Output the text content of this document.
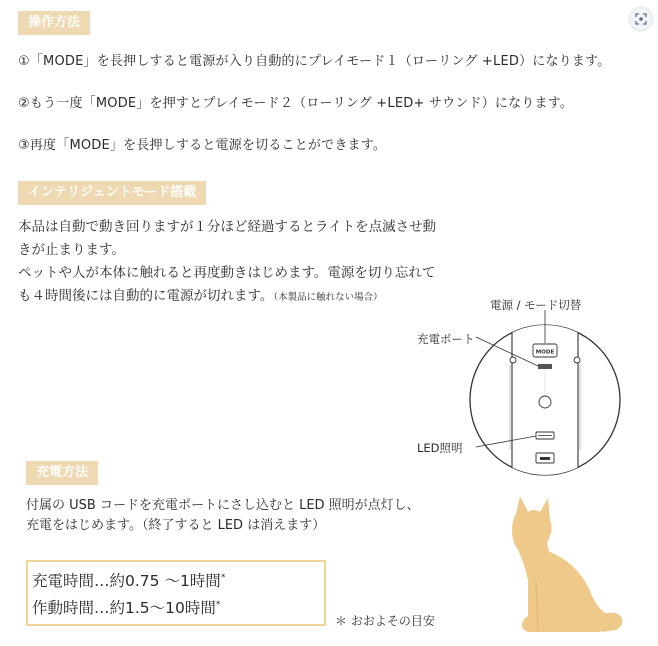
操作方法
①「MODE」を長押しすると電源が入り自動的にプレイモード１（ローリング +LED）になります。
②もう一度「MODE」を押すとプレイモード２（ローリング +LED+ サウンド）になります。
③再度「MODE」を長押しすると電源を切ることができます。
インテリジェントモード搭載
本品は自動で動き回りますが１分ほど経過するとライトを点滅させ動
きが止まります。
ペットや人が本体に触れると再度動きはじめます。電源を切り忘れて
も４時間後には自動的に電源が切れます。（本製品に触れない場合）
電源 / モード切替
充電ポート
LED照明
MODE
充電方法
付属の USB コードを充電ポートにさし込むと LED 照明が点灯し、
充電をはじめます。（終了すると LED は消えます）
充電時間…約0.75 〜1時間*
作動時間…約1.5〜10時間*
＊ おおよその目安
